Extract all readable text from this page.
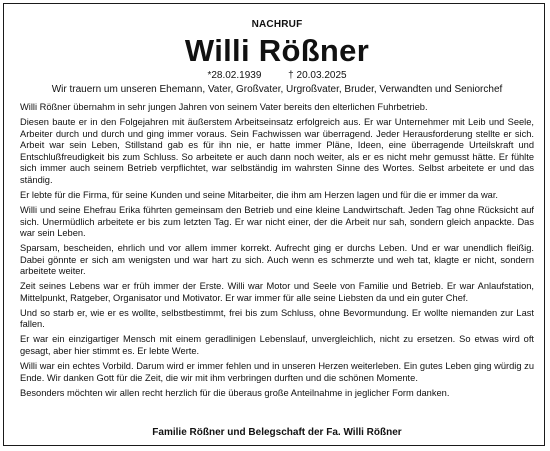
NACHRUF
Willi Rößner
*28.02.1939	† 20.03.2025
Wir trauern um unseren Ehemann, Vater, Großvater, Urgroßvater, Bruder, Verwandten und Seniorchef

Willi Rößner übernahm in sehr jungen Jahren von seinem Vater bereits den elterlichen Fuhrbetrieb.

Diesen baute er in den Folgejahren mit äußerstem Arbeitseinsatz erfolgreich aus. Er war Unternehmer mit Leib und Seele, Arbeiter durch und durch und ging immer voraus. Sein Fachwissen war überragend. Jeder Herausforderung stellte er sich. Arbeit war sein Leben, Stillstand gab es für ihn nie, er hatte immer Pläne, Ideen, eine überragende Urteilskraft und Entschlußfreudigkeit bis zum Schluss. So arbeitete er auch dann noch weiter, als er es nicht mehr gemusst hätte. Er fühlte sich immer auch seinem Betrieb verpflichtet, war selbständig im wahrsten Sinne des Wortes. Selbst arbeitete er und das ständig.

Er lebte für die Firma, für seine Kunden und seine Mitarbeiter, die ihm am Herzen lagen und für die er immer da war.

Willi und seine Ehefrau Erika führten gemeinsam den Betrieb und eine kleine Landwirtschaft. Jeden Tag ohne Rücksicht auf sich. Unermüdlich arbeitete er bis zum letzten Tag. Er war nicht einer, der die Arbeit nur sah, sondern gleich anpackte. Das war sein Leben.

Sparsam, bescheiden, ehrlich und vor allem immer korrekt. Aufrecht ging er durchs Leben. Und er war unendlich fleißig. Dabei gönnte er sich am wenigsten und war hart zu sich. Auch wenn es schmerzte und weh tat, klagte er nicht, sondern arbeitete weiter.

Zeit seines Lebens war er früh immer der Erste. Willi war Motor und Seele von Familie und Betrieb. Er war Anlaufstation, Mittelpunkt, Ratgeber, Organisator und Motivator. Er war immer für alle seine Liebsten da und ein guter Chef.

Und so starb er, wie er es wollte, selbstbestimmt, frei bis zum Schluss, ohne Bevormundung. Er wollte niemanden zur Last fallen.

Er war ein einzigartiger Mensch mit einem geradlinigen Lebenslauf, unvergleichlich, nicht zu ersetzen. So etwas wird oft gesagt, aber hier stimmt es. Er lebte Werte.

Willi war ein echtes Vorbild. Darum wird er immer fehlen und in unseren Herzen weiterleben. Ein gutes Leben ging würdig zu Ende. Wir danken Gott für die Zeit, die wir mit ihm verbringen durften und die schönen Momente.

Besonders möchten wir allen recht herzlich für die überaus große Anteilnahme in jeglicher Form danken.

Familie Rößner und Belegschaft der Fa. Willi Rößner
